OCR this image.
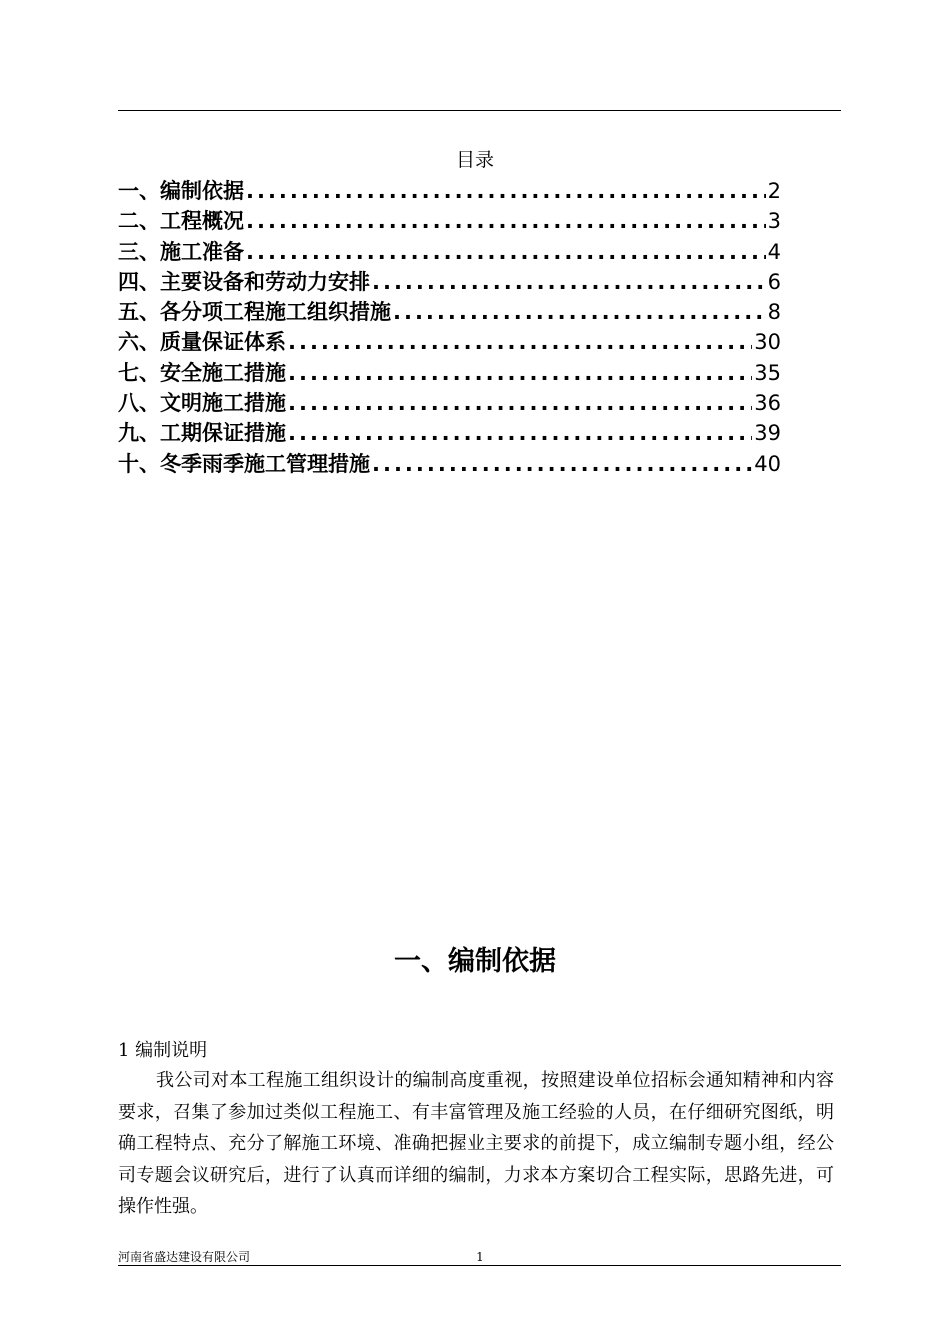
目录
一、编制依据 .....	2
二、工程概况 .....	3
三、施工准备 .....	4
四、主要设备和劳动力安排 .....	6
五、各分项工程施工组织措施 .....	8
六、质量保证体系 .....	30
七、安全施工措施 .....	35
八、文明施工措施 .....	36
九、工期保证措施 .....	39
十、冬季雨季施工管理措施 .....	40
一、编制依据
1 编制说明

我公司对本工程施工组织设计的编制高度重视，按照建设单位招标会通知精神和内容要求，召集了参加过类似工程施工、有丰富管理及施工经验的人员，在仔细研究图纸，明确工程特点、充分了解施工环境、准确把握业主要求的前提下，成立编制专题小组，经公司专题会议研究后，进行了认真而详细的编制，力求本方案切合工程实际，思路先进，可操作性强。

河南省盛达建设有限公司	1
